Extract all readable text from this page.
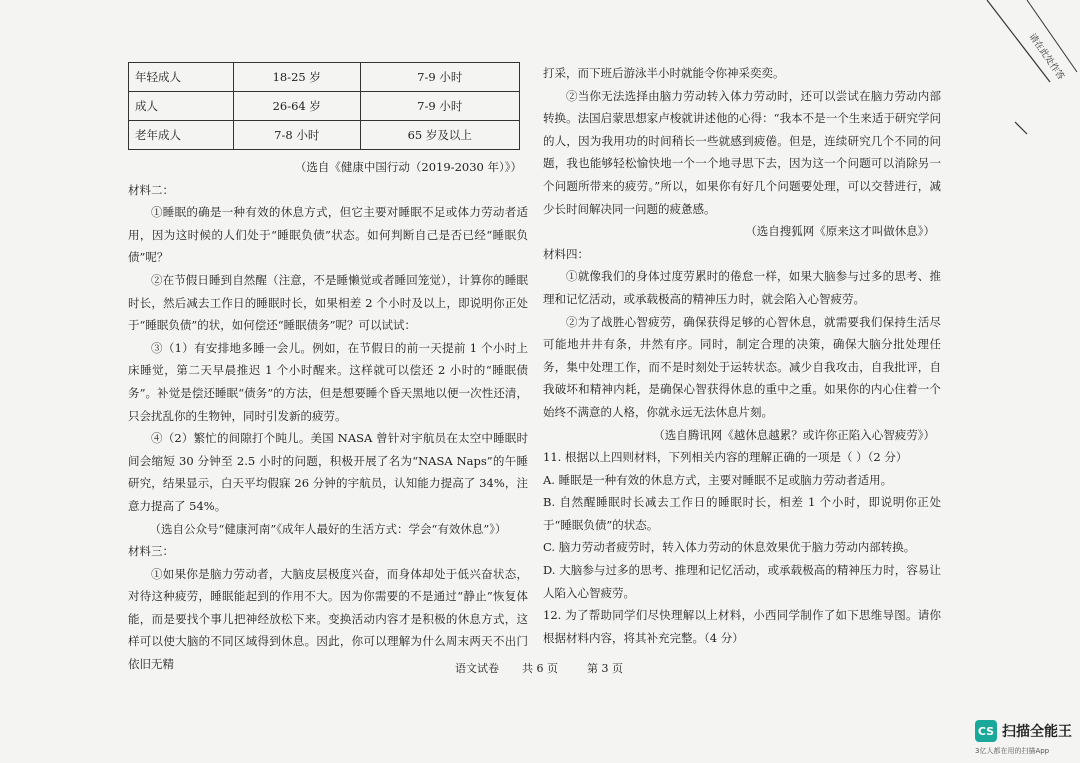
年轻成人	18-25 岁	7-9 小时
成人	26-64 岁	7-9 小时
老年成人	7-8 小时	65 岁及以上

（选自《健康中国行动（2019-2030 年）》）

材料二：

①睡眠的确是一种有效的休息方式，但它主要对睡眠不足或体力劳动者适用，因为这时候的人们处于“睡眠负债”状态。如何判断自己是否已经“睡眠负债”呢？

②在节假日睡到自然醒（注意，不是睡懒觉或者睡回笼觉），计算你的睡眠时长，然后减去工作日的睡眠时长，如果相差 2 个小时及以上，即说明你正处于“睡眠负债”的状，如何偿还“睡眠债务”呢？可以试试：

③（1）有安排地多睡一会儿。例如，在节假日的前一天提前 1 个小时上床睡觉，第二天早晨推迟 1 个小时醒来。这样就可以偿还 2 小时的“睡眠债务”。补觉是偿还睡眠“债务”的方法，但是想要睡个昏天黑地以便一次性还清，只会扰乱你的生物钟，同时引发新的疲劳。

④（2）繁忙的间隙打个盹儿。美国 NASA 曾针对宇航员在太空中睡眠时间会缩短 30 分钟至 2.5 小时的问题，积极开展了名为“NASA Naps”的午睡研究，结果显示，白天平均假寐 26 分钟的宇航员，认知能力提高了 34%，注意力提高了 54%。

（选自公众号“健康河南”《成年人最好的生活方式：学会“有效休息”》）

材料三：

①如果你是脑力劳动者，大脑皮层极度兴奋，而身体却处于低兴奋状态，对待这种疲劳，睡眠能起到的作用不大。因为你需要的不是通过“静止”恢复体能，而是要找个事儿把神经放松下来。变换活动内容才是积极的休息方式，这样可以使大脑的不同区域得到休息。因此，你可以理解为什么周末两天不出门依旧无精

打采，而下班后游泳半小时就能令你神采奕奕。

②当你无法选择由脑力劳动转入体力劳动时，还可以尝试在脑力劳动内部转换。法国启蒙思想家卢梭就讲述他的心得：“我本不是一个生来适于研究学问的人，因为我用功的时间稍长一些就感到疲倦。但是，连续研究几个不同的问题，我也能够轻松愉快地一个一个地寻思下去，因为这一个问题可以消除另一个问题所带来的疲劳。”所以，如果你有好几个问题要处理，可以交替进行，减少长时间解决同一问题的疲惫感。

（选自搜狐网《原来这才叫做休息》）

材料四：

①就像我们的身体过度劳累时的倦怠一样，如果大脑参与过多的思考、推理和记忆活动，或承载极高的精神压力时，就会陷入心智疲劳。

②为了战胜心智疲劳，确保获得足够的心智休息，就需要我们保持生活尽可能地井井有条，井然有序。同时，制定合理的决策，确保大脑分批处理任务，集中处理工作，而不是时刻处于运转状态。减少自我攻击，自我批评，自我破坏和精神内耗，是确保心智获得休息的重中之重。如果你的内心住着一个始终不满意的人格，你就永远无法休息片刻。

（选自腾讯网《越休息越累？或许你正陷入心智疲劳》）

11. 根据以上四则材料，下列相关内容的理解正确的一项是（ ）（2 分）

A. 睡眠是一种有效的休息方式，主要对睡眠不足或脑力劳动者适用。

B. 自然醒睡眠时长减去工作日的睡眠时长，相差 1 个小时，即说明你正处于“睡眠负债”的状态。

C. 脑力劳动者疲劳时，转入体力劳动的休息效果优于脑力劳动内部转换。

D. 大脑参与过多的思考、推理和记忆活动，或承载极高的精神压力时，容易让人陷入心智疲劳。

12. 为了帮助同学们尽快理解以上材料，小西同学制作了如下思维导图。请你根据材料内容，将其补充完整。（4 分）

语文试卷 共 6 页	第 3 页
请在此处作答
CS 扫描全能王
3亿人都在用的扫描App
